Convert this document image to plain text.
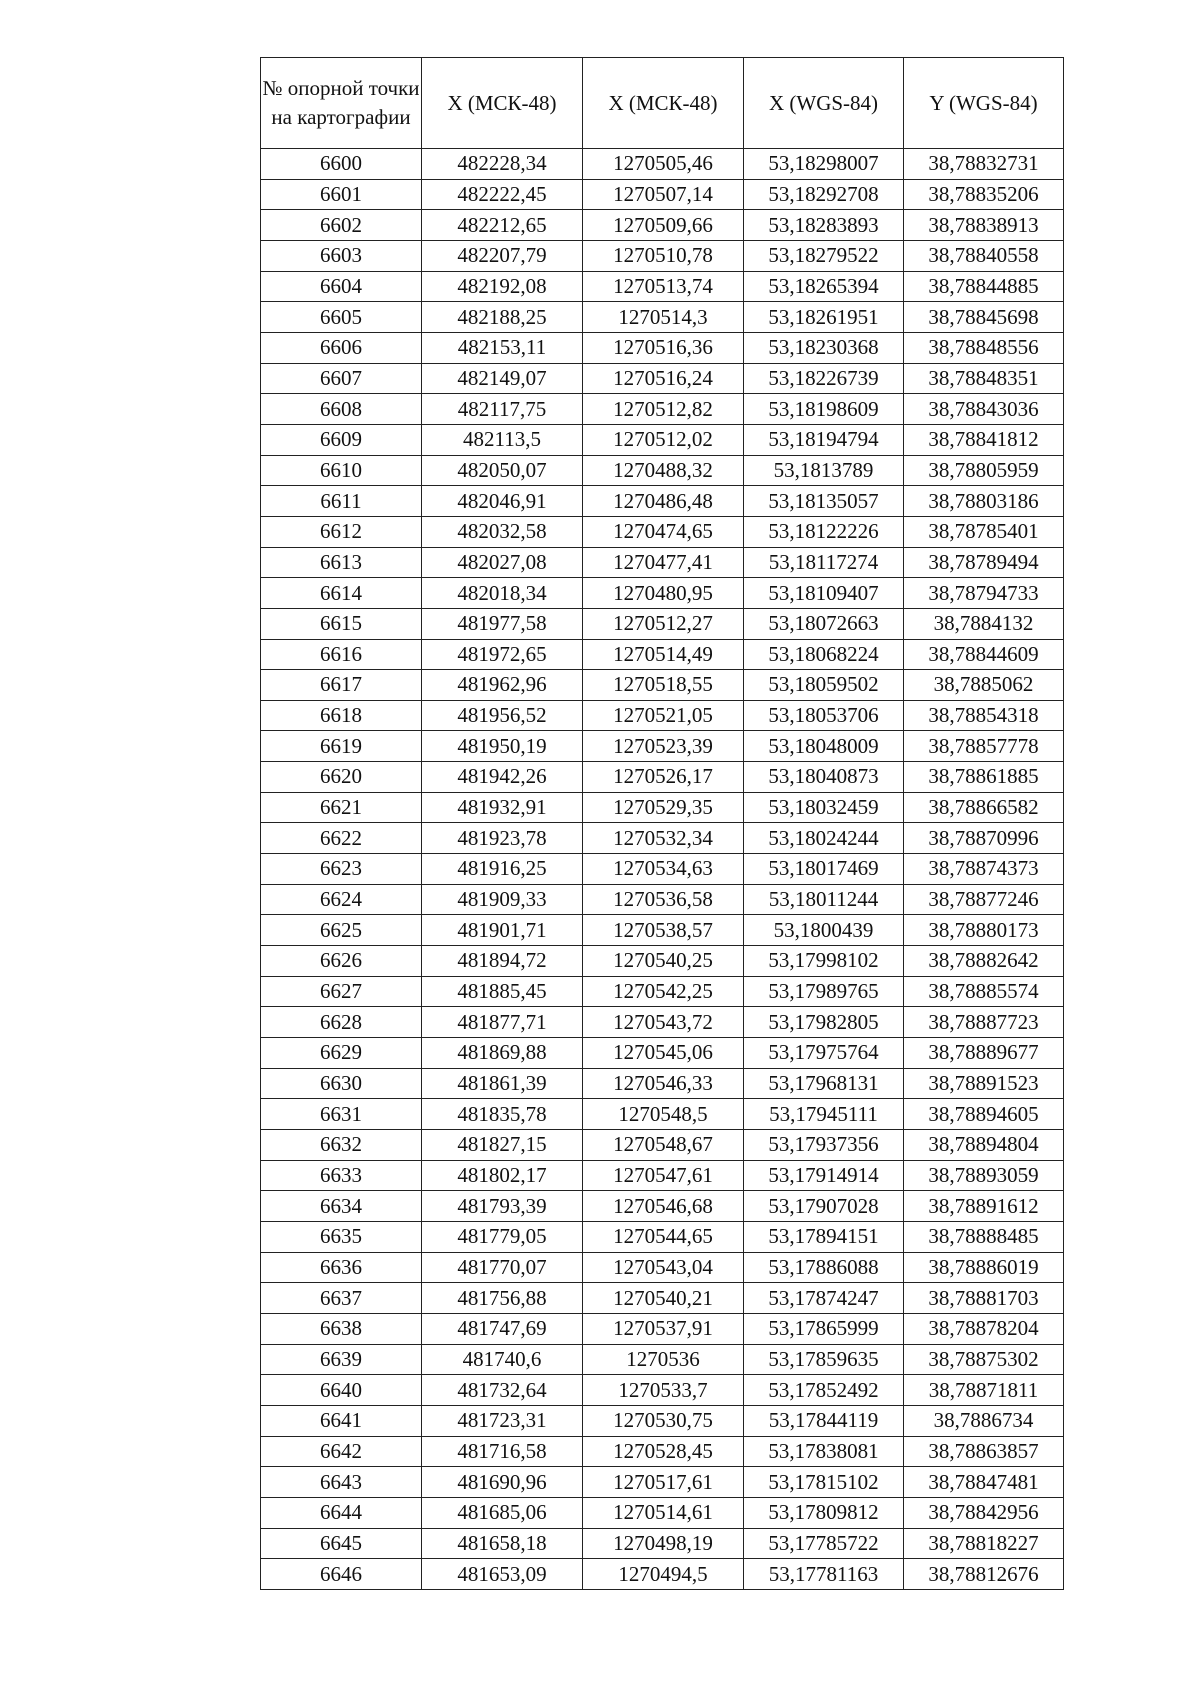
№ опорной точки на картографии	X (МСК-48)	X (МСК-48)	X (WGS-84)	Y (WGS-84)
6600	482228,34	1270505,46	53,18298007	38,78832731
6601	482222,45	1270507,14	53,18292708	38,78835206
6602	482212,65	1270509,66	53,18283893	38,78838913
6603	482207,79	1270510,78	53,18279522	38,78840558
6604	482192,08	1270513,74	53,18265394	38,78844885
6605	482188,25	1270514,3	53,18261951	38,78845698
6606	482153,11	1270516,36	53,18230368	38,78848556
6607	482149,07	1270516,24	53,18226739	38,78848351
6608	482117,75	1270512,82	53,18198609	38,78843036
6609	482113,5	1270512,02	53,18194794	38,78841812
6610	482050,07	1270488,32	53,1813789	38,78805959
6611	482046,91	1270486,48	53,18135057	38,78803186
6612	482032,58	1270474,65	53,18122226	38,78785401
6613	482027,08	1270477,41	53,18117274	38,78789494
6614	482018,34	1270480,95	53,18109407	38,78794733
6615	481977,58	1270512,27	53,18072663	38,7884132
6616	481972,65	1270514,49	53,18068224	38,78844609
6617	481962,96	1270518,55	53,18059502	38,7885062
6618	481956,52	1270521,05	53,18053706	38,78854318
6619	481950,19	1270523,39	53,18048009	38,78857778
6620	481942,26	1270526,17	53,18040873	38,78861885
6621	481932,91	1270529,35	53,18032459	38,78866582
6622	481923,78	1270532,34	53,18024244	38,78870996
6623	481916,25	1270534,63	53,18017469	38,78874373
6624	481909,33	1270536,58	53,18011244	38,78877246
6625	481901,71	1270538,57	53,1800439	38,78880173
6626	481894,72	1270540,25	53,17998102	38,78882642
6627	481885,45	1270542,25	53,17989765	38,78885574
6628	481877,71	1270543,72	53,17982805	38,78887723
6629	481869,88	1270545,06	53,17975764	38,78889677
6630	481861,39	1270546,33	53,17968131	38,78891523
6631	481835,78	1270548,5	53,17945111	38,78894605
6632	481827,15	1270548,67	53,17937356	38,78894804
6633	481802,17	1270547,61	53,17914914	38,78893059
6634	481793,39	1270546,68	53,17907028	38,78891612
6635	481779,05	1270544,65	53,17894151	38,78888485
6636	481770,07	1270543,04	53,17886088	38,78886019
6637	481756,88	1270540,21	53,17874247	38,78881703
6638	481747,69	1270537,91	53,17865999	38,78878204
6639	481740,6	1270536	53,17859635	38,78875302
6640	481732,64	1270533,7	53,17852492	38,78871811
6641	481723,31	1270530,75	53,17844119	38,7886734
6642	481716,58	1270528,45	53,17838081	38,78863857
6643	481690,96	1270517,61	53,17815102	38,78847481
6644	481685,06	1270514,61	53,17809812	38,78842956
6645	481658,18	1270498,19	53,17785722	38,78818227
6646	481653,09	1270494,5	53,17781163	38,78812676
